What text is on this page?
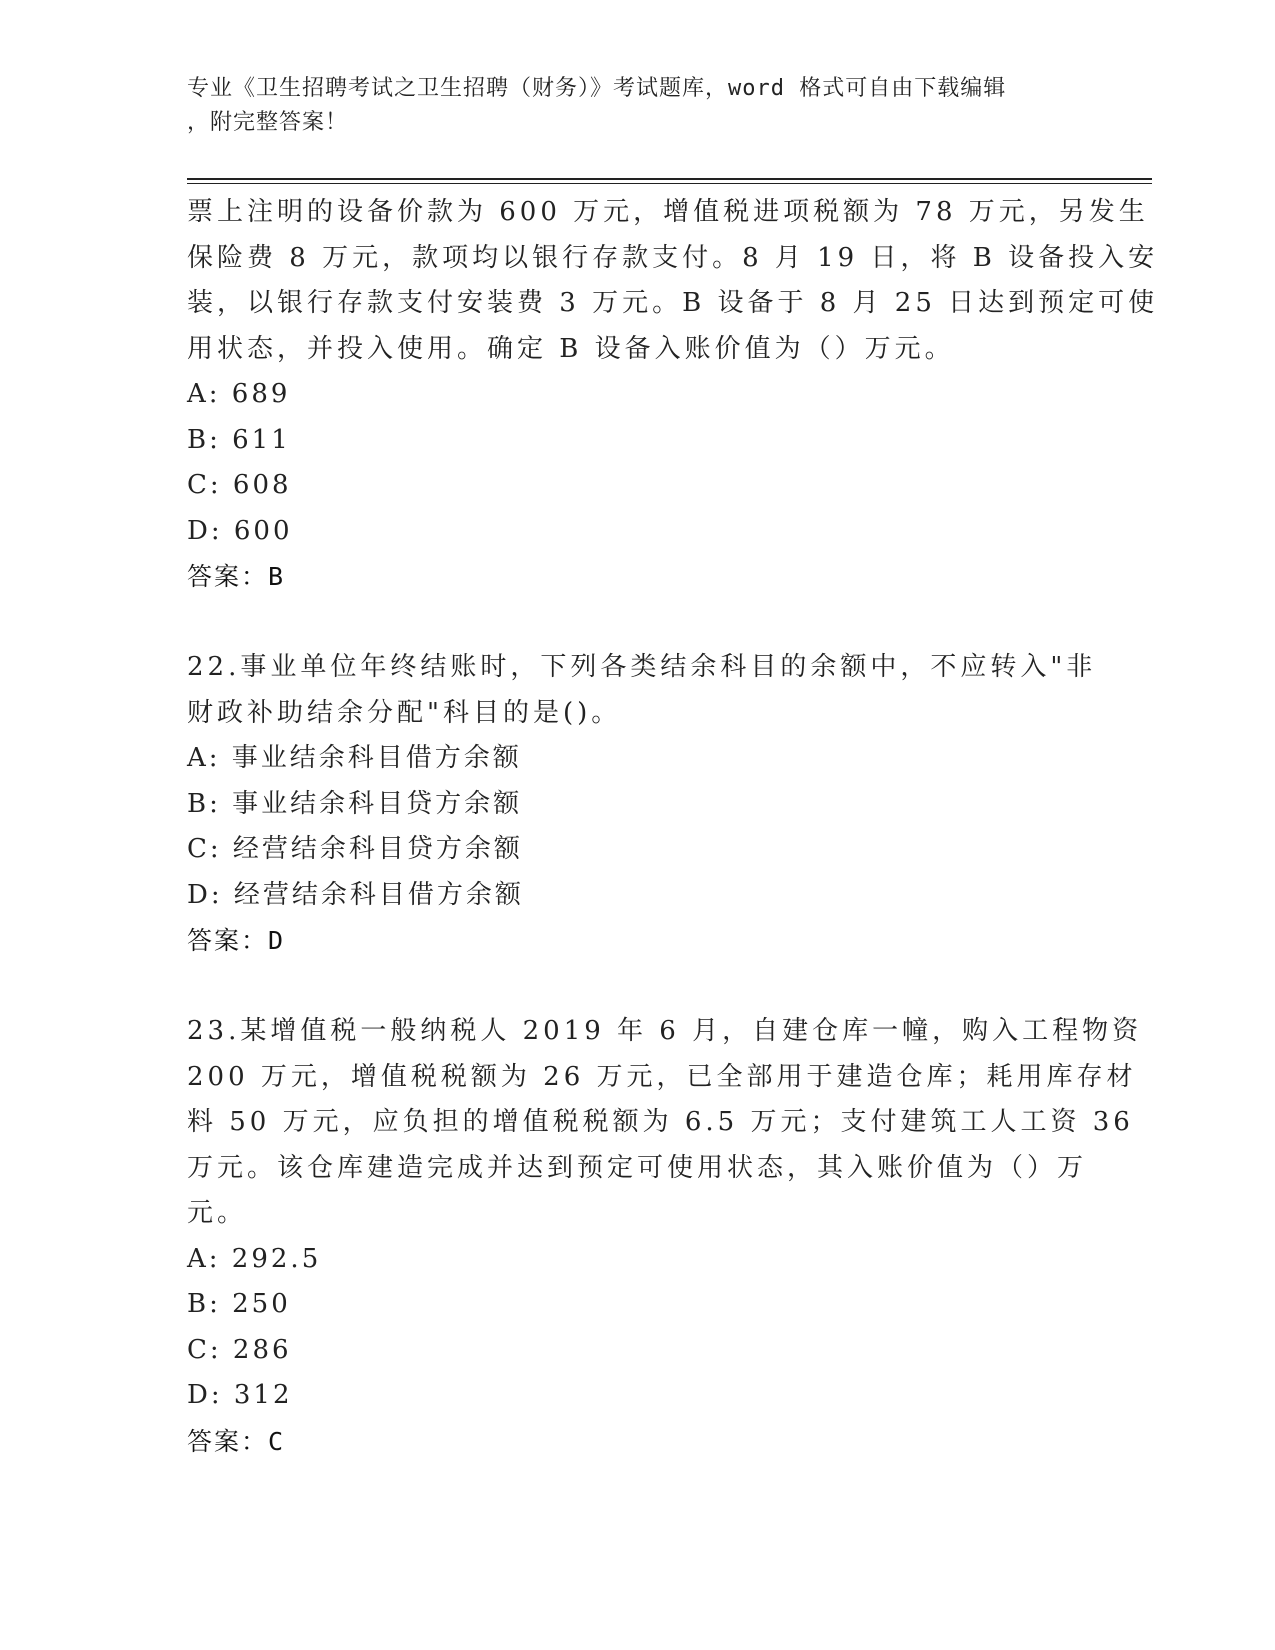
专业《卫生招聘考试之卫生招聘（财务）》考试题库，word 格式可自由下载编辑
，附完整答案！
票上注明的设备价款为 600 万元，增值税进项税额为 78 万元，另发生
保险费 8 万元，款项均以银行存款支付。8 月 19 日，将 B 设备投入安
装，以银行存款支付安装费 3 万元。B 设备于 8 月 25 日达到预定可使
用状态，并投入使用。确定 B 设备入账价值为（）万元。
A: 689
B: 611
C: 608
D: 600
答案：B
22.事业单位年终结账时，下列各类结余科目的余额中，不应转入"非
财政补助结余分配"科目的是()。
A: 事业结余科目借方余额
B: 事业结余科目贷方余额
C: 经营结余科目贷方余额
D: 经营结余科目借方余额
答案：D
23.某增值税一般纳税人 2019 年 6 月，自建仓库一幢，购入工程物资
200 万元，增值税税额为 26 万元，已全部用于建造仓库；耗用库存材
料 50 万元，应负担的增值税税额为 6.5 万元；支付建筑工人工资 36
万元。该仓库建造完成并达到预定可使用状态，其入账价值为（）万
元。
A: 292.5
B: 250
C: 286
D: 312
答案：C
